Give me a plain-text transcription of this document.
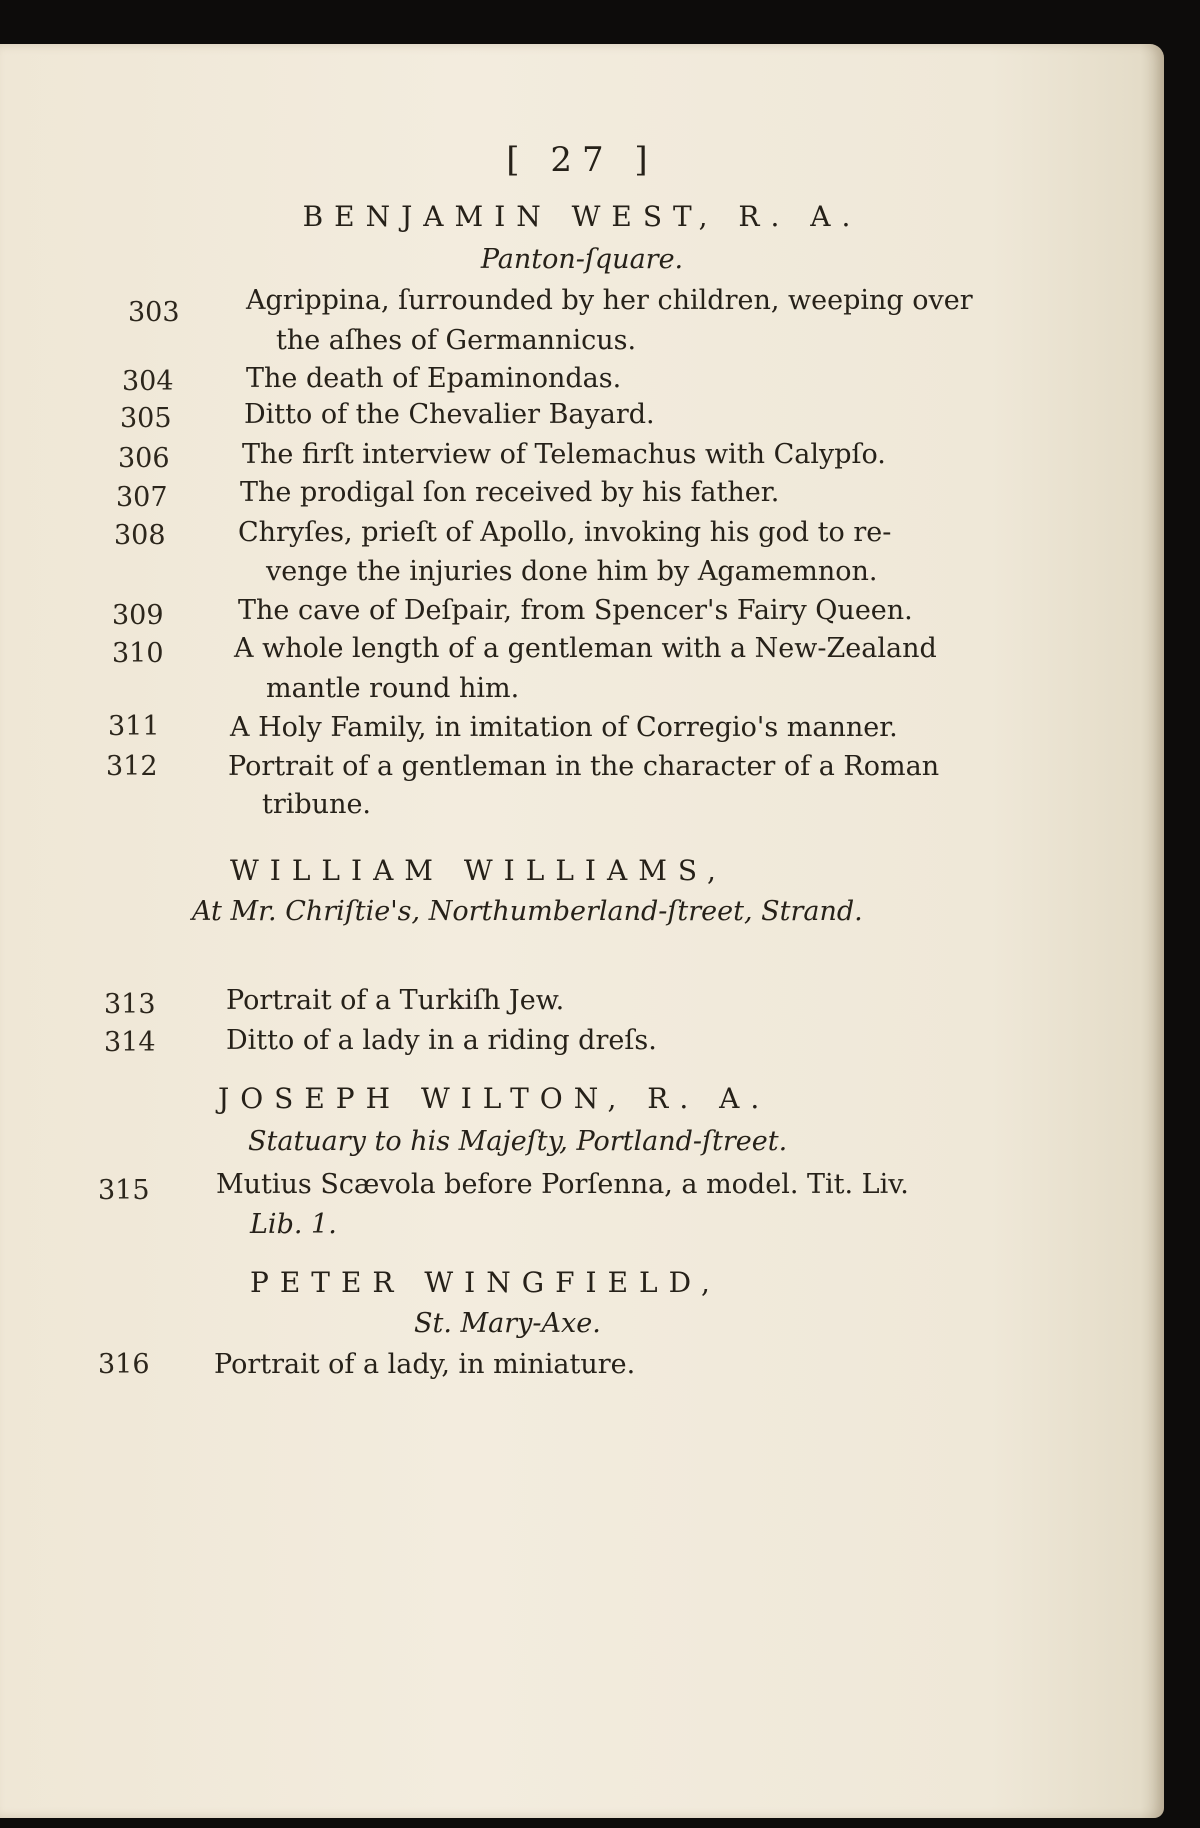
[ 27 ]
BENJAMIN WEST, R. A.
Panton-ſquare.
303 Agrippina, ſurrounded by her children, weeping over
the aſhes of Germannicus.
304	The death of Epaminondas.
305	Ditto of the Chevalier Bayard.
306	The firſt interview of Telemachus with Calypſo.
307	The prodigal ſon received by his father.
308	Chryſes, prieſt of Apollo, invoking his god to re-
venge the injuries done him by Agamemnon.
309	The cave of Deſpair, from Spencer's Fairy Queen.
310	A whole length of a gentleman with a New-Zealand
mantle round him.
311	A Holy Family, in imitation of Corregio's manner.
312	Portrait of a gentleman in the character of a Roman
tribune.
WILLIAM WILLIAMS,
At Mr. Chriſtie's, Northumberland-ſtreet, Strand.
313	Portrait of a Turkiſh Jew.
314	Ditto of a lady in a riding dreſs.
JOSEPH WILTON, R. A.
Statuary to his Majeſty, Portland-ſtreet.
315 Mutius Scævola before Porſenna, a model. Tit. Liv.
Lib. 1.
PETER WINGFIELD,
St. Mary-Axe.
316 Portrait of a lady, in miniature.
